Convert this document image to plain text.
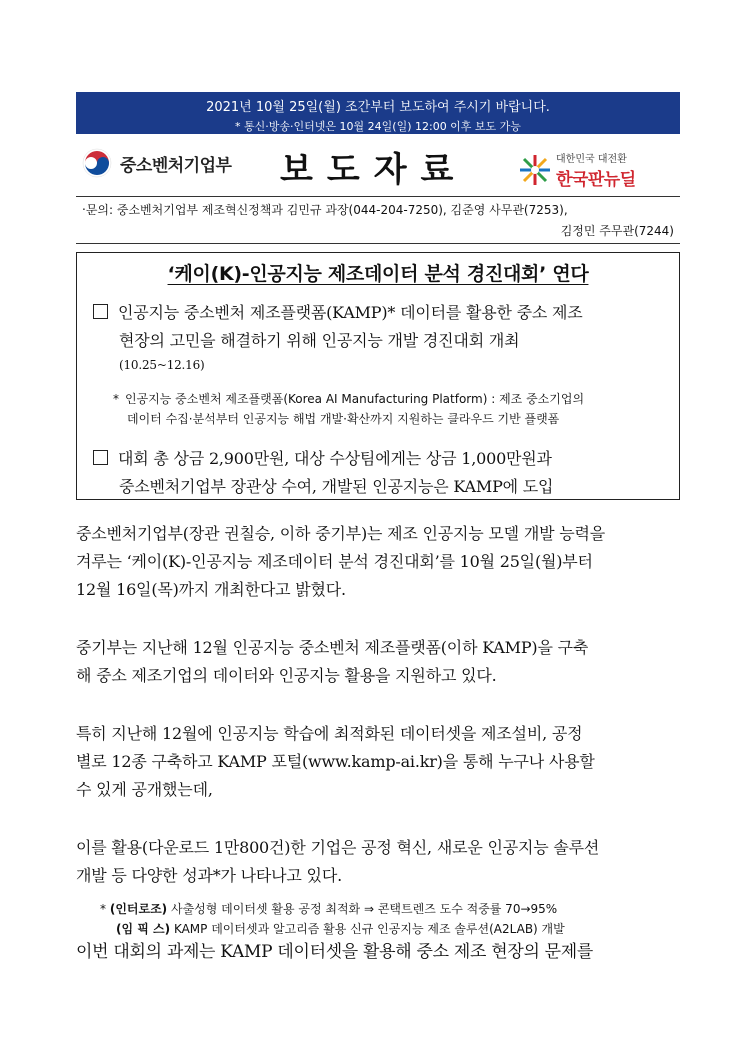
2021년 10월 25일(월) 조간부터 보도하여 주시기 바랍니다.
* 통신·방송·인터넷은 10월 24일(일) 12:00 이후 보도 가능
중소벤처기업부 보도자료	대한민국 대전환
한국판뉴딜
‧문의: 중소벤처기업부 제조혁신정책과 김민규 과장(044-204-7250), 김준영 사무관(7253),
김정민 주무관(7244)
‘케이(K)-인공지능 제조데이터 분석 경진대회’ 연다
인공지능 중소벤처 제조플랫폼(KAMP)* 데이터를 활용한 중소 제조
현장의 고민을 해결하기 위해 인공지능 개발 경진대회 개최
(10.25~12.16)
* 인공지능 중소벤처 제조플랫폼(Korea AI Manufacturing Platform) : 제조 중소기업의
데이터 수집·분석부터 인공지능 해법 개발·확산까지 지원하는 클라우드 기반 플랫폼
대회 총 상금 2,900만원, 대상 수상팀에게는 상금 1,000만원과
중소벤처기업부 장관상 수여, 개발된 인공지능은 KAMP에 도입
중소벤처기업부(장관 권칠승, 이하 중기부)는 제조 인공지능 모델 개발 능력을
겨루는 ‘케이(K)-인공지능 제조데이터 분석 경진대회’를 10월 25일(월)부터
12월 16일(목)까지 개최한다고 밝혔다.
중기부는 지난해 12월 인공지능 중소벤처 제조플랫폼(이하 KAMP)을 구축
해 중소 제조기업의 데이터와 인공지능 활용을 지원하고 있다.
특히 지난해 12월에 인공지능 학습에 최적화된 데이터셋을 제조설비, 공정
별로 12종 구축하고 KAMP 포털(www.kamp-ai.kr)을 통해 누구나 사용할
수 있게 공개했는데,
이를 활용(다운로드 1만800건)한 기업은 공정 혁신, 새로운 인공지능 솔루션
개발 등 다양한 성과*가 나타나고 있다.
* (인터로조) 사출성형 데이터셋 활용 공정 최적화 ⇒ 콘택트렌즈 도수 적중률 70→95%
(임 픽 스) KAMP 데이터셋과 알고리즘 활용 신규 인공지능 제조 솔루션(A2LAB) 개발
이번 대회의 과제는 KAMP 데이터셋을 활용해 중소 제조 현장의 문제를
